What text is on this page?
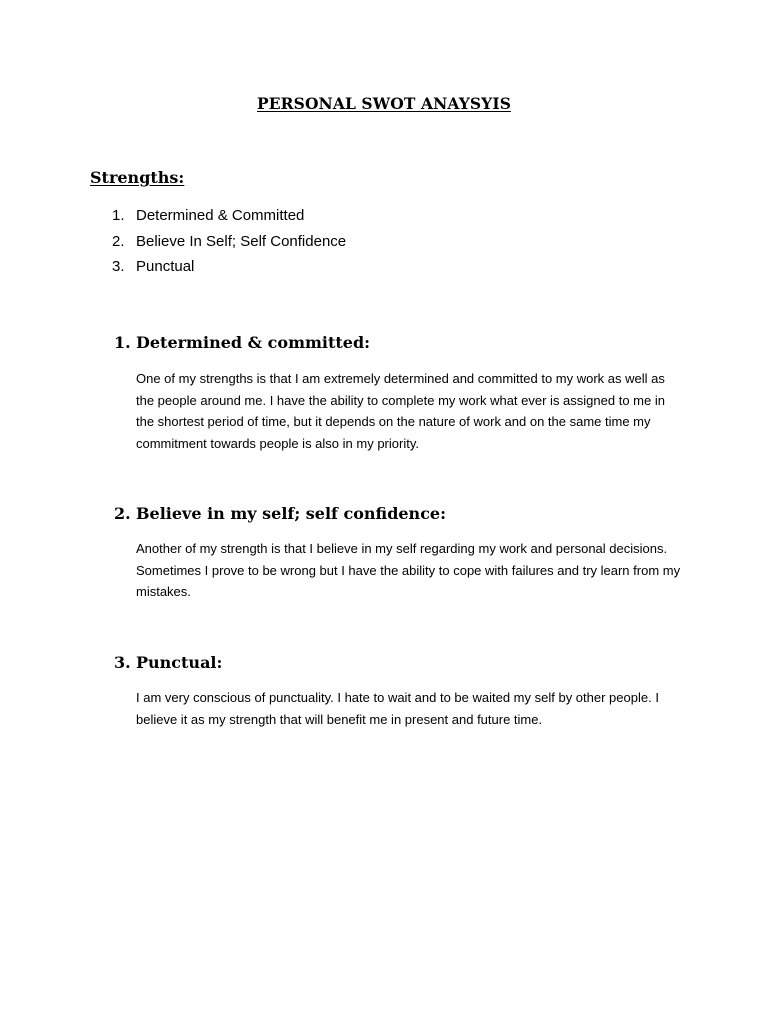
PERSONAL SWOT ANAYSYIS
Strengths:
1. Determined & Committed
2. Believe In Self; Self Confidence
3. Punctual
1. Determined & committed:

One of my strengths is that I am extremely determined and committed to my work as well as the people around me. I have the ability to complete my work what ever is assigned to me in the shortest period of time, but it depends on the nature of work and on the same time my commitment towards people is also in my priority.

2. Believe in my self; self confidence:

Another of my strength is that I believe in my self regarding my work and personal decisions. Sometimes I prove to be wrong but I have the ability to cope with failures and try learn from my mistakes.

3. Punctual:

I am very conscious of punctuality. I hate to wait and to be waited my self by other people. I believe it as my strength that will benefit me in present and future time.
